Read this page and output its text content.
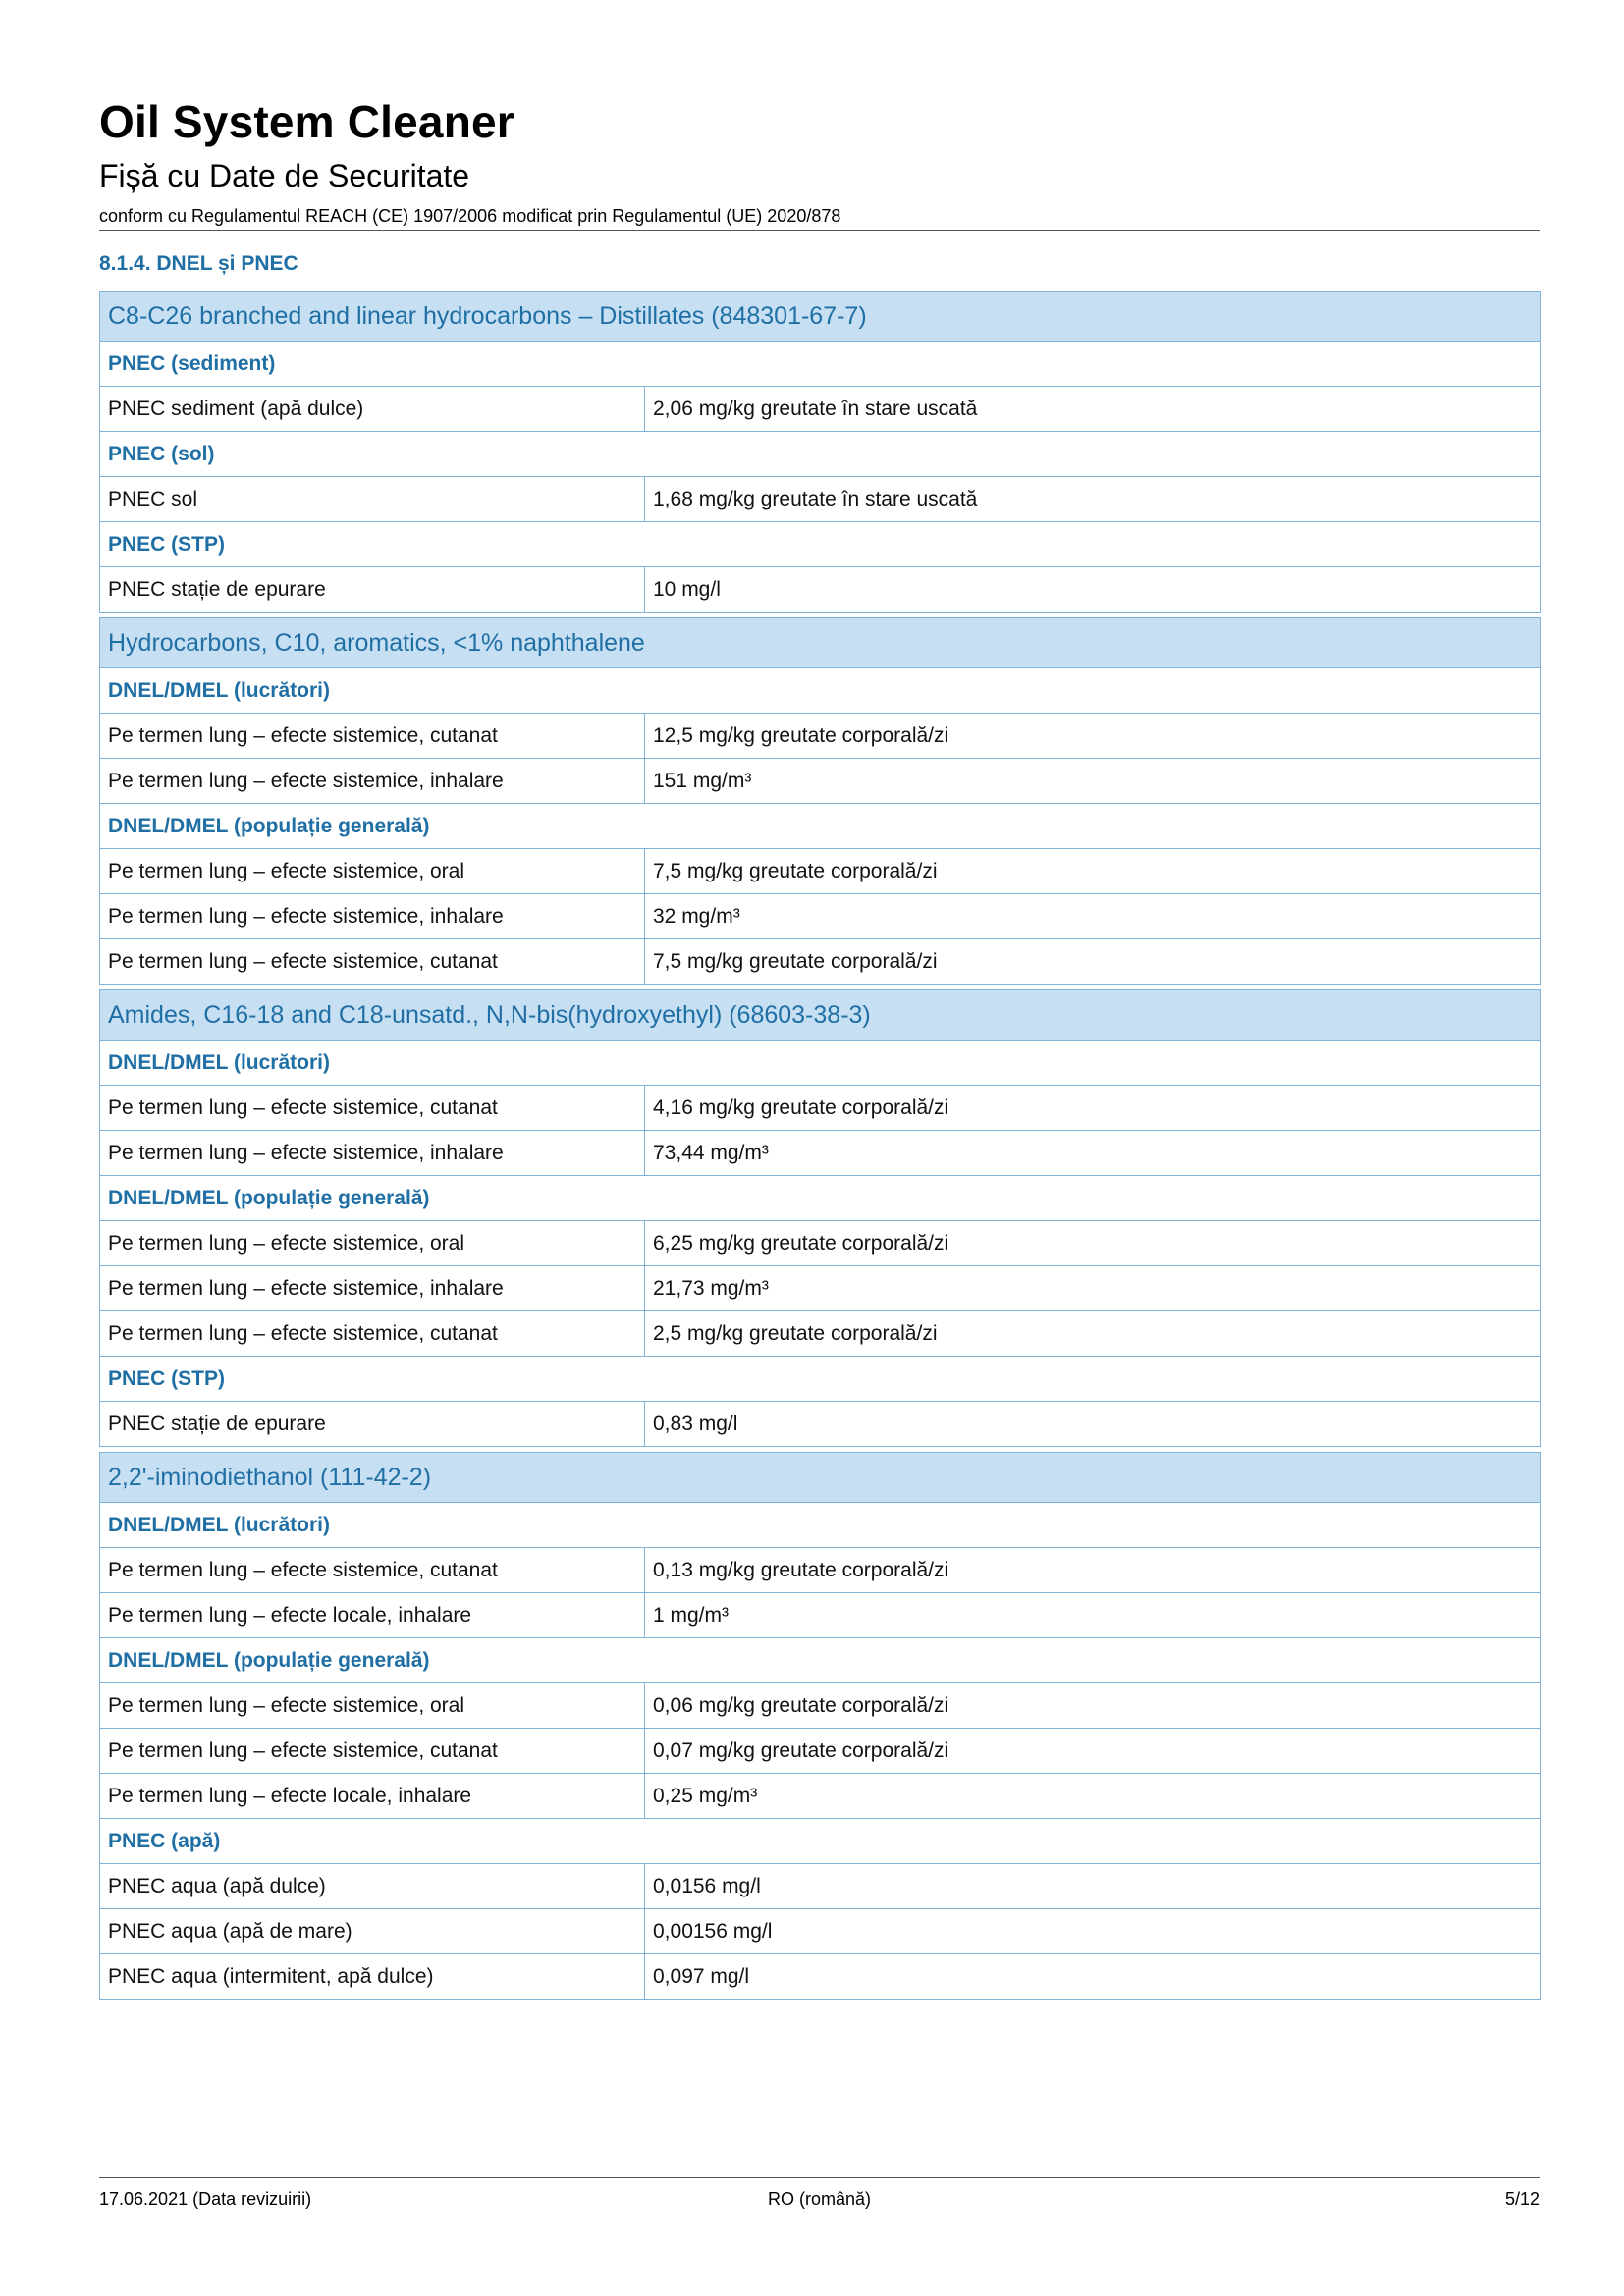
Oil System Cleaner
Fișă cu Date de Securitate
conform cu Regulamentul REACH (CE) 1907/2006 modificat prin Regulamentul (UE) 2020/878
8.1.4. DNEL și PNEC
C8-C26 branched and linear hydrocarbons – Distillates (848301-67-7)	
PNEC (sediment)	
PNEC sediment (apă dulce)	2,06 mg/kg greutate în stare uscată
PNEC (sol)	
PNEC sol	1,68 mg/kg greutate în stare uscată
PNEC (STP)	
PNEC stație de epurare	10 mg/l
Hydrocarbons, C10, aromatics, <1% naphthalene	
DNEL/DMEL (lucrători)	
Pe termen lung – efecte sistemice, cutanat	12,5 mg/kg greutate corporală/zi
Pe termen lung – efecte sistemice, inhalare	151 mg/m³
DNEL/DMEL (populație generală)	
Pe termen lung – efecte sistemice, oral	7,5 mg/kg greutate corporală/zi
Pe termen lung – efecte sistemice, inhalare	32 mg/m³
Pe termen lung – efecte sistemice, cutanat	7,5 mg/kg greutate corporală/zi
Amides, C16-18 and C18-unsatd., N,N-bis(hydroxyethyl) (68603-38-3)	
DNEL/DMEL (lucrători)	
Pe termen lung – efecte sistemice, cutanat	4,16 mg/kg greutate corporală/zi
Pe termen lung – efecte sistemice, inhalare	73,44 mg/m³
DNEL/DMEL (populație generală)	
Pe termen lung – efecte sistemice, oral	6,25 mg/kg greutate corporală/zi
Pe termen lung – efecte sistemice, inhalare	21,73 mg/m³
Pe termen lung – efecte sistemice, cutanat	2,5 mg/kg greutate corporală/zi
PNEC (STP)	
PNEC stație de epurare	0,83 mg/l
2,2'-iminodiethanol (111-42-2)	
DNEL/DMEL (lucrători)	
Pe termen lung – efecte sistemice, cutanat	0,13 mg/kg greutate corporală/zi
Pe termen lung – efecte locale, inhalare	1 mg/m³
DNEL/DMEL (populație generală)	
Pe termen lung – efecte sistemice, oral	0,06 mg/kg greutate corporală/zi
Pe termen lung – efecte sistemice, cutanat	0,07 mg/kg greutate corporală/zi
Pe termen lung – efecte locale, inhalare	0,25 mg/m³
PNEC (apă)	
PNEC aqua (apă dulce)	0,0156 mg/l
PNEC aqua (apă de mare)	0,00156 mg/l
PNEC aqua (intermitent, apă dulce)	0,097 mg/l
17.06.2021 (Data revizuirii)	RO (română)	5/12
